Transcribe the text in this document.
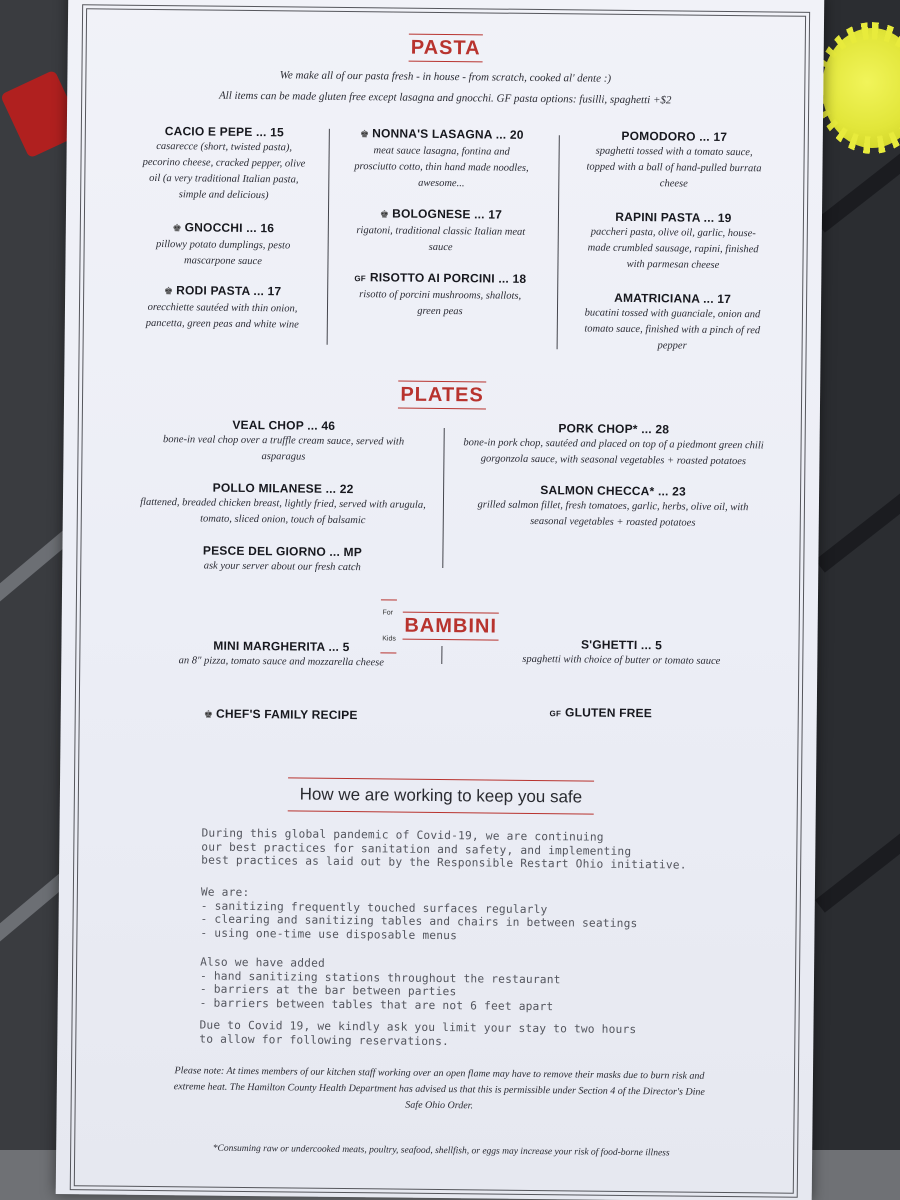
PASTA
We make all of our pasta fresh - in house - from scratch, cooked al' dente :)
All items can be made gluten free except lasagna and gnocchi. GF pasta options: fusilli, spaghetti +$2
CACIO E PEPE ... 15
casarecce (short, twisted pasta), pecorino cheese, cracked pepper, olive oil (a very traditional Italian pasta, simple and delicious)
♚ GNOCCHI ... 16
pillowy potato dumplings, pesto mascarpone sauce
♚ RODI PASTA ... 17
orecchiette sautéed with thin onion, pancetta, green peas and white wine
♚ NONNA'S LASAGNA ... 20
meat sauce lasagna, fontina and prosciutto cotto, thin hand made noodles, awesome...
♚ BOLOGNESE ... 17
rigatoni, traditional classic Italian meat sauce
GF RISOTTO AI PORCINI ... 18
risotto of porcini mushrooms, shallots, green peas
POMODORO ... 17
spaghetti tossed with a tomato sauce, topped with a ball of hand-pulled burrata cheese
RAPINI PASTA ... 19
paccheri pasta, olive oil, garlic, house-made crumbled sausage, rapini, finished with parmesan cheese
AMATRICIANA ... 17
bucatini tossed with guanciale, onion and tomato sauce, finished with a pinch of red pepper
PLATES
VEAL CHOP ... 46
bone-in veal chop over a truffle cream sauce, served with asparagus
POLLO MILANESE ... 22
flattened, breaded chicken breast, lightly fried, served with arugula, tomato, sliced onion, touch of balsamic
PESCE DEL GIORNO ... MP
ask your server about our fresh catch
PORK CHOP* ... 28
bone-in pork chop, sautéed and placed on top of a piedmont green chili gorgonzola sauce, with seasonal vegetables + roasted potatoes
SALMON CHECCA* ... 23
grilled salmon fillet, fresh tomatoes, garlic, herbs, olive oil, with seasonal vegetables + roasted potatoes
For KidsBAMBINI
MINI MARGHERITA ... 5
an 8" pizza, tomato sauce and mozzarella cheese
S'GHETTI ... 5
spaghetti with choice of butter or tomato sauce
♚ CHEF'S FAMILY RECIPE	GF GLUTEN FREE
How we are working to keep you safe
During this global pandemic of Covid-19, we are continuing
our best practices for sanitation and safety, and implementing
best practices as laid out by the Responsible Restart Ohio initiative.
We are:
- sanitizing frequently touched surfaces regularly
- clearing and sanitizing tables and chairs in between seatings
- using one-time use disposable menus
Also we have added
- hand sanitizing stations throughout the restaurant
- barriers at the bar between parties
- barriers between tables that are not 6 feet apart
Due to Covid 19, we kindly ask you limit your stay to two hours
to allow for following reservations.
Please note: At times members of our kitchen staff working over an open flame may have to remove their masks due to burn risk and extreme heat. The Hamilton County Health Department has advised us that this is permissible under Section 4 of the Director's Dine Safe Ohio Order.
*Consuming raw or undercooked meats, poultry, seafood, shellfish, or eggs may increase your risk of food-borne illness
